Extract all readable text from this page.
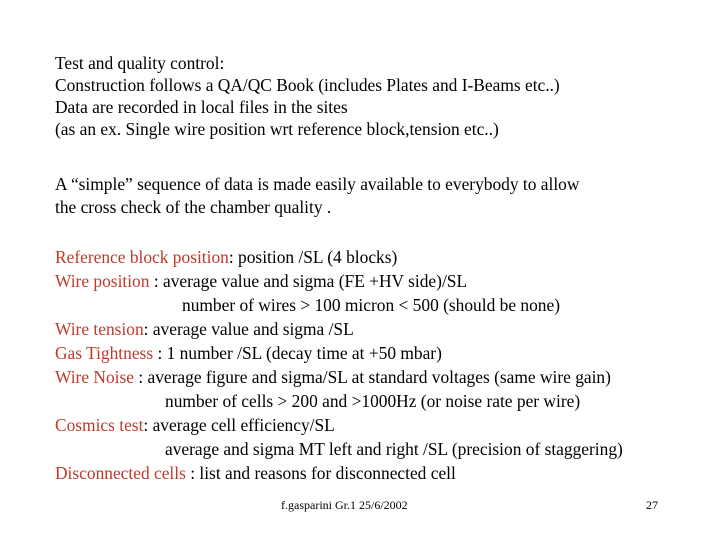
Test and quality control:
Construction follows a QA/QC Book (includes Plates and I-Beams etc..)
Data are recorded in local files in the sites
(as an ex. Single wire position wrt reference block,tension etc..)
A “simple” sequence of data is made easily available to everybody to allow
the cross check of the chamber quality .
Reference block position: position /SL (4 blocks)
Wire position : average value and sigma (FE +HV side)/SL
number of wires > 100 micron < 500 (should be none)
Wire tension: average value and sigma /SL
Gas Tightness : 1 number /SL (decay time at +50 mbar)
Wire Noise : average figure and sigma/SL at standard voltages (same wire gain)
number of cells > 200 and >1000Hz (or noise rate per wire)
Cosmics test: average cell efficiency/SL
average and sigma MT left and right /SL (precision of staggering)
Disconnected cells : list and reasons for disconnected cell
f.gasparini Gr.1 25/6/2002	27
